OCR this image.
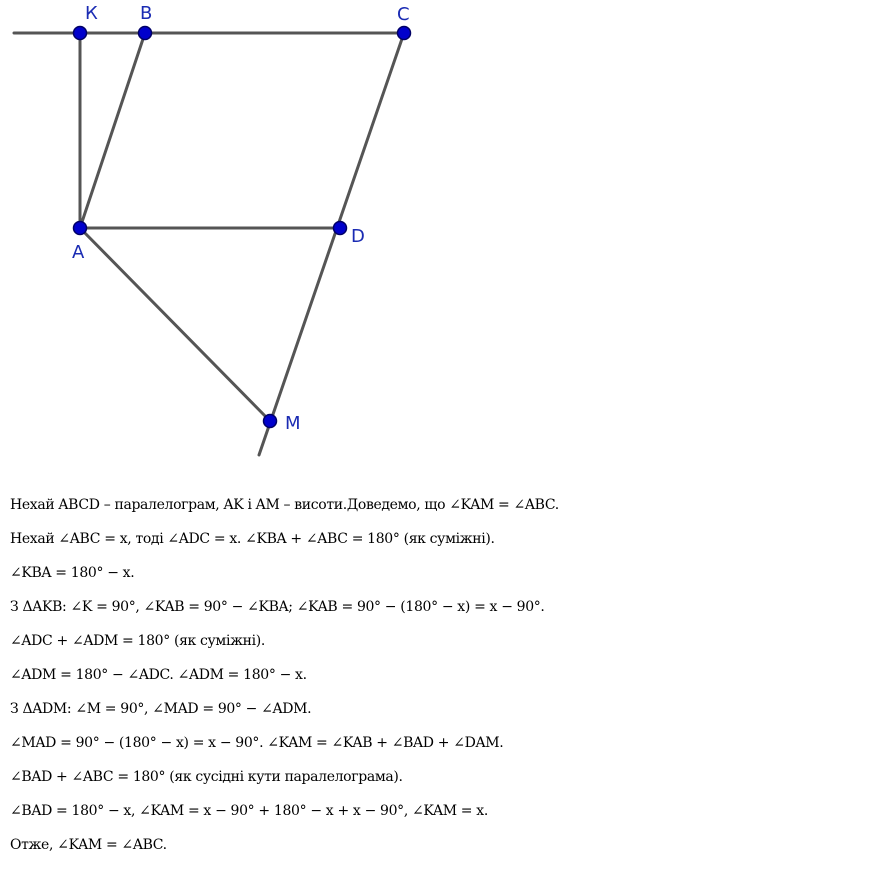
К B	C
A
D
M
Нехай ABCD – паралелограм, AK і AM – висоти.Доведемо, що ∠KAM = ∠ABC.
Нехай ∠ABC = x, тоді ∠ADC = x. ∠KBA + ∠ABC = 180° (як суміжні).
∠KBA = 180° − x.
З ΔAKB: ∠K = 90°, ∠KAB = 90° − ∠KBA; ∠KAB = 90° − (180° − x) = x − 90°.
∠ADC + ∠ADM = 180° (як суміжні).
∠ADM = 180° − ∠ADC. ∠ADM = 180° − x.
З ΔADM: ∠M = 90°, ∠MAD = 90° − ∠ADM.
∠MAD = 90° − (180° − x) = x − 90°. ∠KAM = ∠KAB + ∠BAD + ∠DAM.
∠BAD + ∠ABC = 180° (як сусідні кути паралелограма).
∠BAD = 180° − x, ∠KAM = x − 90° + 180° − x + x − 90°, ∠KAM = x.
Отже, ∠KAM = ∠ABC.
